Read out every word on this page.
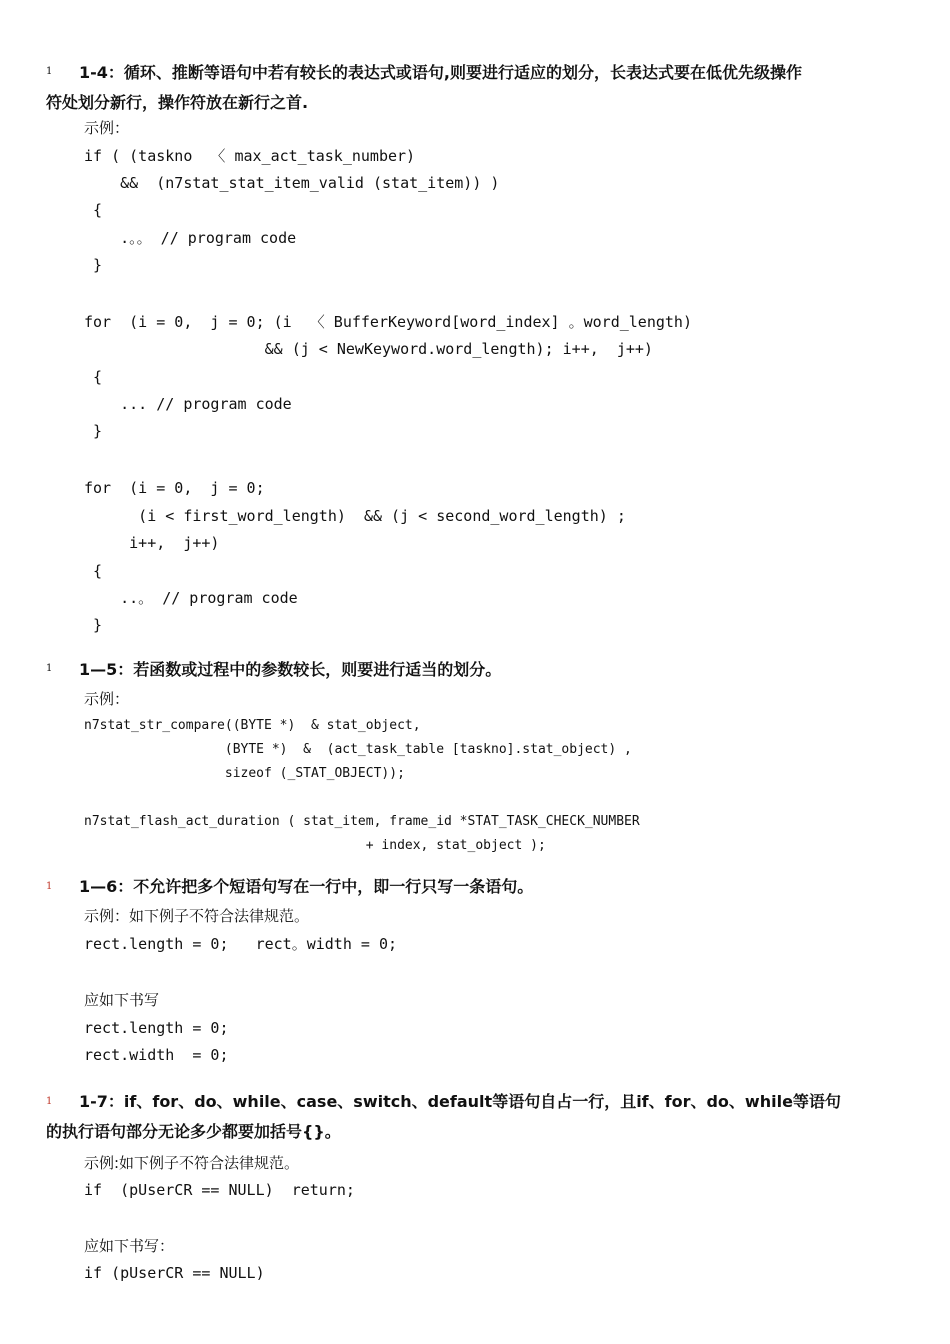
1	1-4：循环、推断等语句中若有较长的表达式或语句,则要进行适应的划分，长表达式要在低优先级操作
符处划分新行，操作符放在新行之首.
示例：
if ( (taskno  〈 max_act_task_number)
&&  (n7stat_stat_item_valid (stat_item)) )
{
.。。 // program code
}
for  (i = 0,  j = 0; (i  〈 BufferKeyword[word_index] 。word_length)
&& (j < NewKeyword.word_length); i++,  j++)
{
... // program code
}
for  (i = 0,  j = 0;
(i < first_word_length)  && (j < second_word_length) ;
i++,  j++)
{
..。 // program code
}
1	1—5：若函数或过程中的参数较长，则要进行适当的划分。
示例：
n7stat_str_compare((BYTE *)  & stat_object,
(BYTE *)  &  (act_task_table [taskno].stat_object) ,
sizeof (_STAT_OBJECT));
n7stat_flash_act_duration ( stat_item, frame_id *STAT_TASK_CHECK_NUMBER
+ index, stat_object );
1	1—6：不允许把多个短语句写在一行中，即一行只写一条语句。
示例：如下例子不符合法律规范。
rect.length = 0;   rect。width = 0;
应如下书写
rect.length = 0;
rect.width  = 0;
1	1-7：if、for、do、while、case、switch、default等语句自占一行，且if、for、do、while等语句
的执行语句部分无论多少都要加括号{}。
示例:如下例子不符合法律规范。
if  (pUserCR == NULL)  return;
应如下书写：
if (pUserCR == NULL)
